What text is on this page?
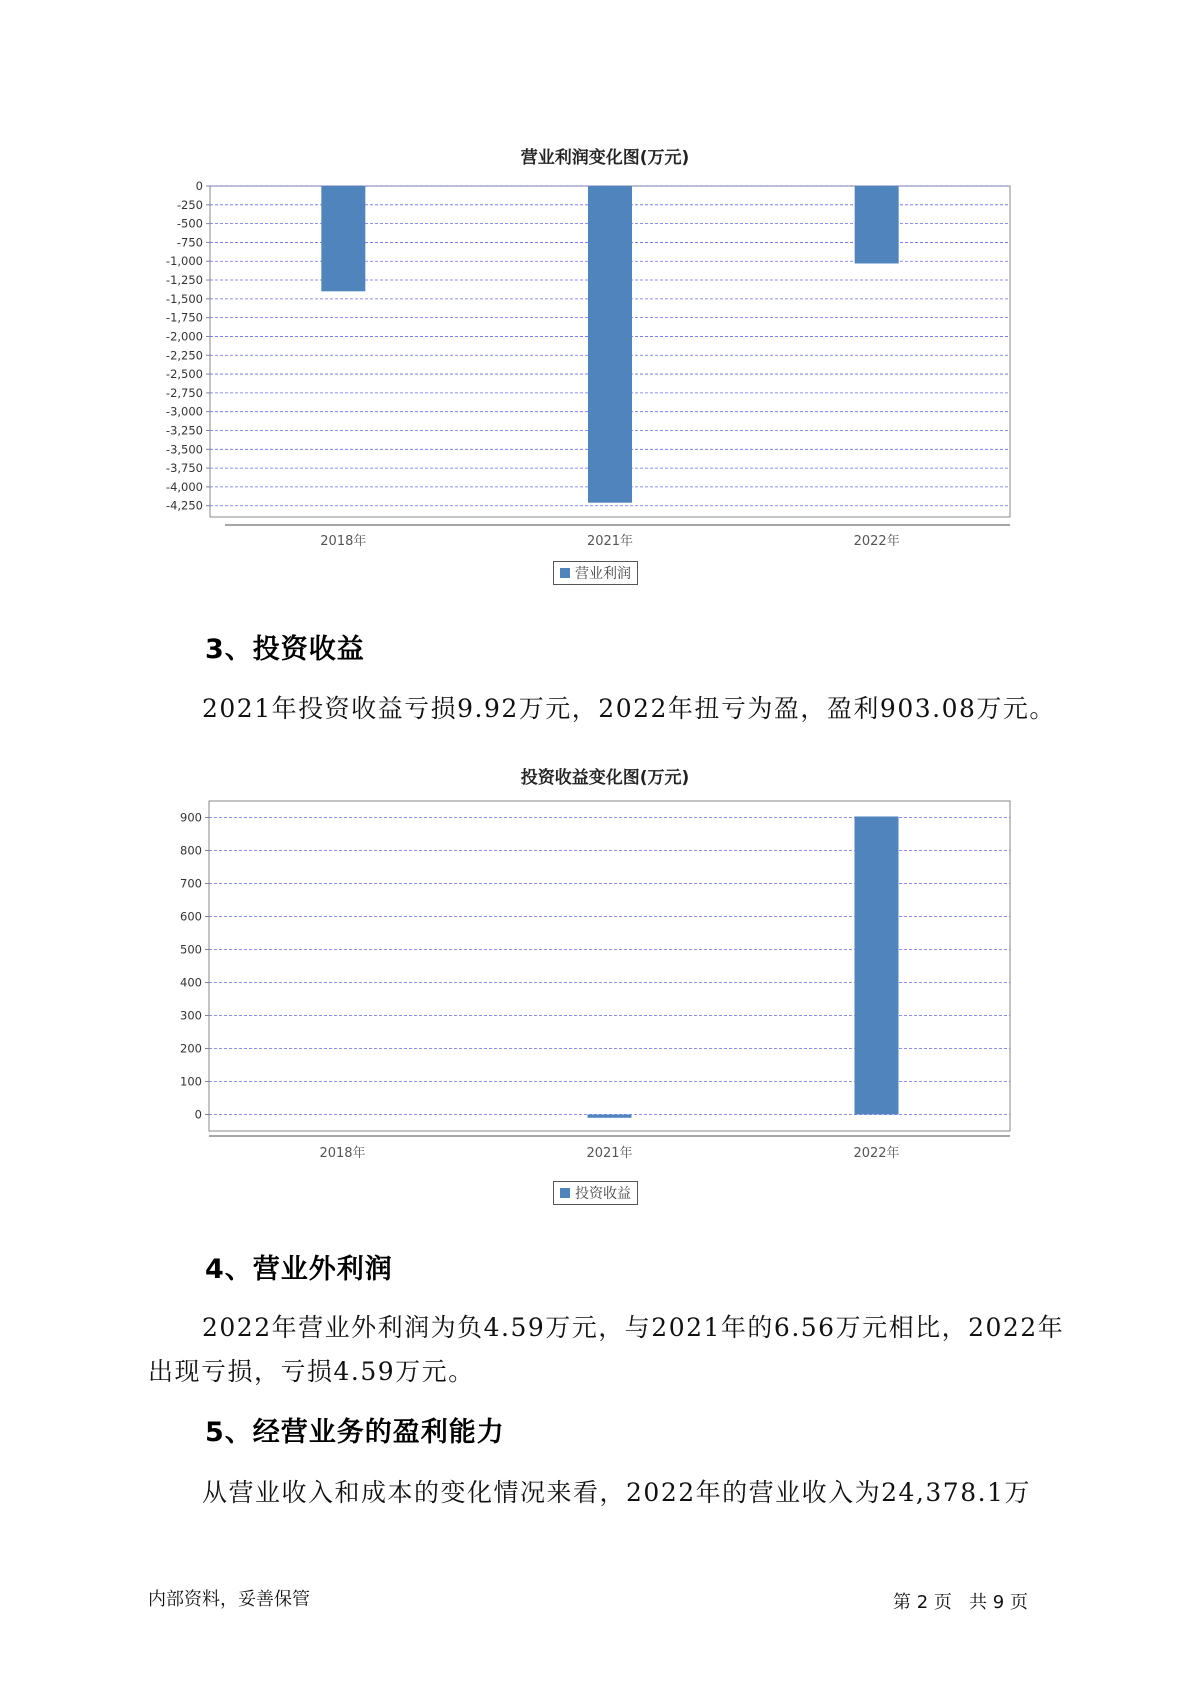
营业利润变化图(万元)
0
-250
-500
-750
-1,000
-1,250
-1,500
-1,750
-2,000
-2,250
-2,500
-2,750
-3,000
-3,250
-3,500
-3,750
-4,000
-4,250
2018年	2021年	2022年
营业利润
3、投资收益
2021年投资收益亏损9.92万元，2022年扭亏为盈，盈利903.08万元。
投资收益变化图(万元)
900
800
700
600
500
400
300
200
100
0
2018年	2021年	2022年
投资收益
4、营业外利润
2022年营业外利润为负4.59万元，与2021年的6.56万元相比，2022年
出现亏损，亏损4.59万元。
5、经营业务的盈利能力
从营业收入和成本的变化情况来看，2022年的营业收入为24,378.1万
内部资料，妥善保管	第 2 页   共 9 页
